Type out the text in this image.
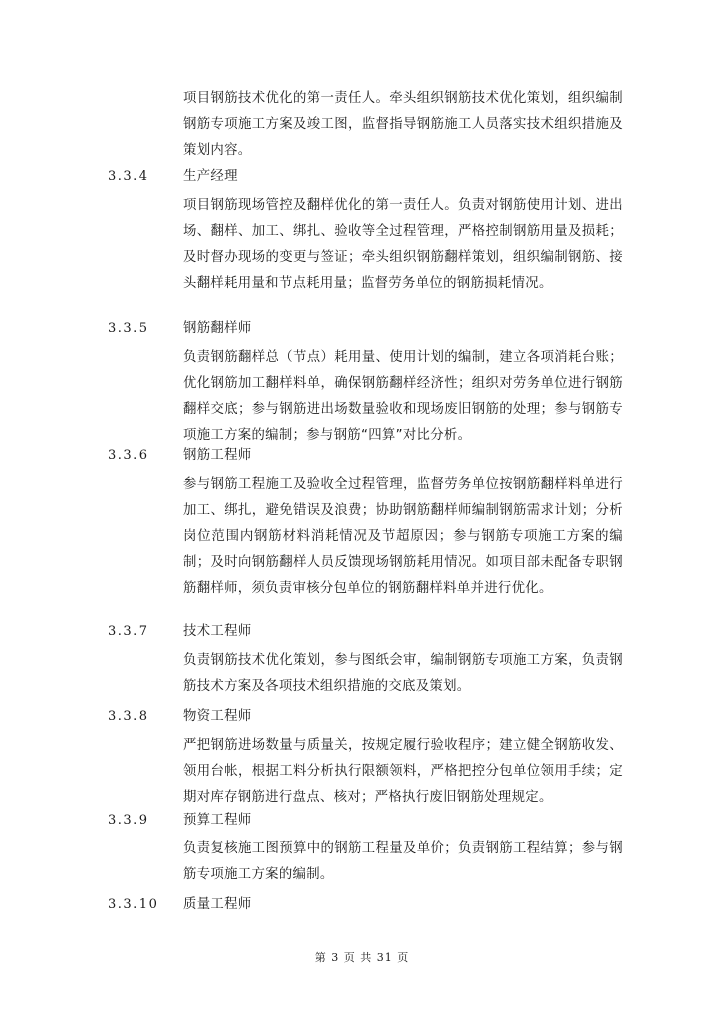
项目钢筋技术优化的第一责任人。牵头组织钢筋技术优化策划，组织编制钢筋专项施工方案及竣工图，监督指导钢筋施工人员落实技术组织措施及策划内容。

3.3.4	生产经理

项目钢筋现场管控及翻样优化的第一责任人。负责对钢筋使用计划、进出场、翻样、加工、绑扎、验收等全过程管理，严格控制钢筋用量及损耗；及时督办现场的变更与签证；牵头组织钢筋翻样策划，组织编制钢筋、接头翻样耗用量和节点耗用量；监督劳务单位的钢筋损耗情况。

3.3.5	钢筋翻样师

负责钢筋翻样总（节点）耗用量、使用计划的编制，建立各项消耗台账；优化钢筋加工翻样料单，确保钢筋翻样经济性；组织对劳务单位进行钢筋翻样交底；参与钢筋进出场数量验收和现场废旧钢筋的处理；参与钢筋专项施工方案的编制；参与钢筋“四算”对比分析。

3.3.6	钢筋工程师

参与钢筋工程施工及验收全过程管理，监督劳务单位按钢筋翻样料单进行加工、绑扎，避免错误及浪费；协助钢筋翻样师编制钢筋需求计划；分析岗位范围内钢筋材料消耗情况及节超原因；参与钢筋专项施工方案的编制；及时向钢筋翻样人员反馈现场钢筋耗用情况。如项目部未配备专职钢筋翻样师，须负责审核分包单位的钢筋翻样料单并进行优化。

3.3.7	技术工程师

负责钢筋技术优化策划，参与图纸会审，编制钢筋专项施工方案，负责钢筋技术方案及各项技术组织措施的交底及策划。

3.3.8	物资工程师

严把钢筋进场数量与质量关，按规定履行验收程序；建立健全钢筋收发、领用台帐，根据工料分析执行限额领料，严格把控分包单位领用手续；定期对库存钢筋进行盘点、核对；严格执行废旧钢筋处理规定。

3.3.9	预算工程师

负责复核施工图预算中的钢筋工程量及单价；负责钢筋工程结算；参与钢筋专项施工方案的编制。

3.3.10 质量工程师
第 3 页 共 31 页
